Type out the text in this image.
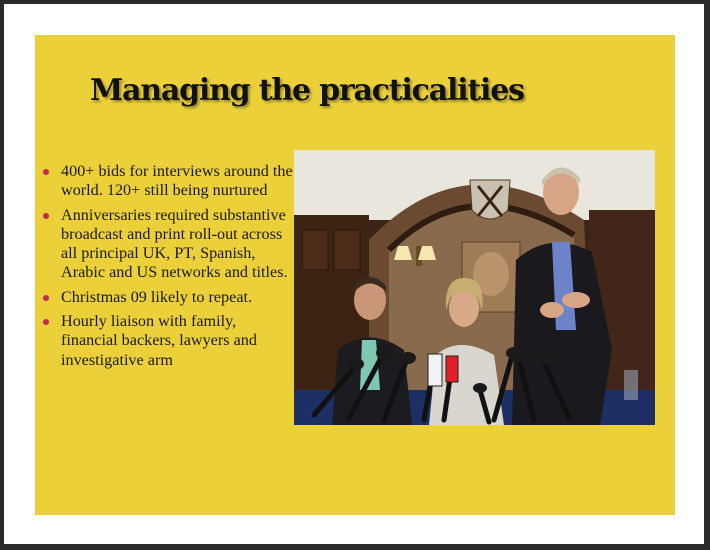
Managing the practicalities
400+ bids for interviews around the world. 120+ still being nurtured
Anniversaries required substantive broadcast and print roll-out across all principal UK, PT, Spanish, Arabic and US networks and titles.
Christmas 09 likely to repeat.
Hourly liaison with family, financial backers, lawyers and investigative arm
